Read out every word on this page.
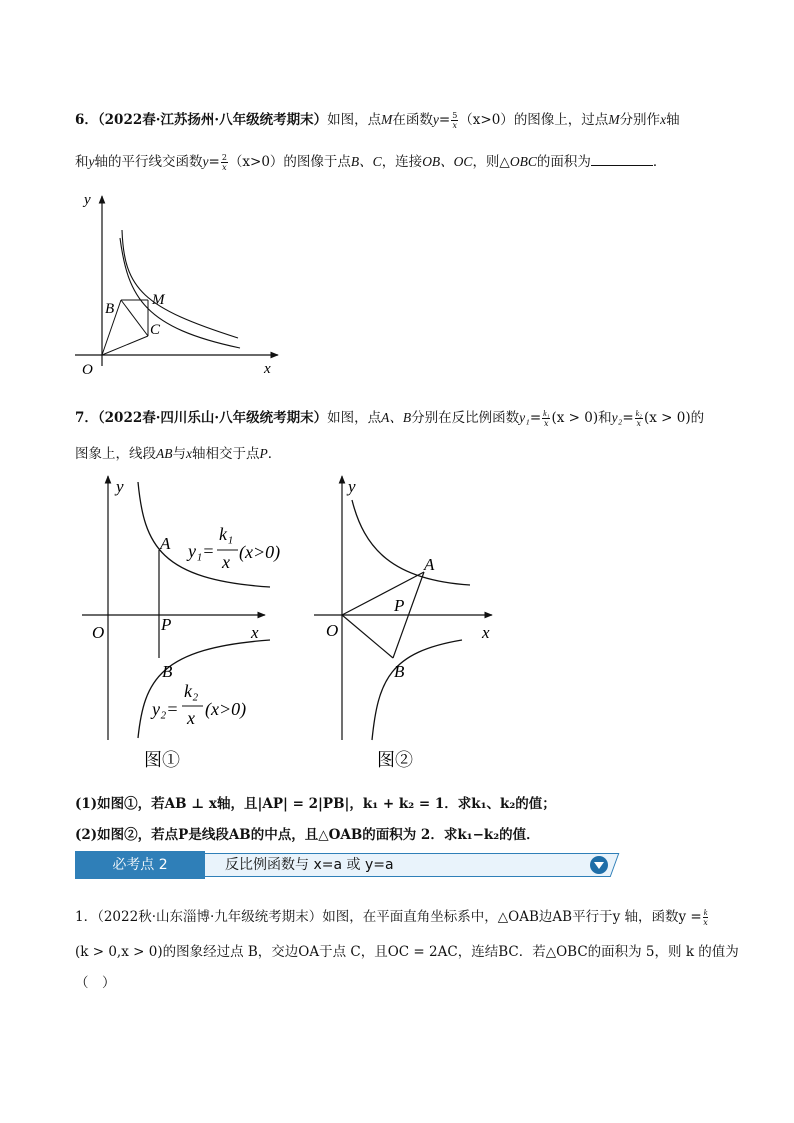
6．（2022春·江苏扬州·八年级统考期末）如图，点M在函数$y= \frac{5}{x} (x>0)$的图像上，过点M分别作x轴
和y轴的平行线交函数$y= \frac{2}{x} (x>0)$的图像于点B、C，连接OB、OC，则△OBC的面积为	．
y
x
O
B
M
C
7．（2022春·四川乐山·八年级统考期末）如图，点A、B分别在反比例函数$y_1= \frac{\text{k₁}}{x} (x > 0)$和$y_2= \frac{\text{k₂}}{x} (x > 0)$的
图象上，线段AB与x轴相交于点P．
y
x
O
A
P
B
y₁=
k₁
x (x>0)
y₂=
k₂
x (x>0)
图①
y
x
O
A
P
B
图②
(1)如图①，若AB ⊥ x轴，且|AP| = 2|PB|，k₁ + k₂ = 1．求k₁、k₂的值；
(2)如图②，若点P是线段AB的中点，且△OAB的面积为 2．求k₁−k₂的值．
必考点 2	反比例函数与 x=a 或 y=a
1．（2022秋·山东淄博·九年级统考期末）如图，在平面直角坐标系中，△OAB边AB平行于y 轴，函数$y = \frac{k}{x}$
(k > 0,x > 0)的图象经过点 B，交边OA于点 C，且OC = 2AC，连结BC．若△OBC的面积为 5，则 k 的值为
（　）
